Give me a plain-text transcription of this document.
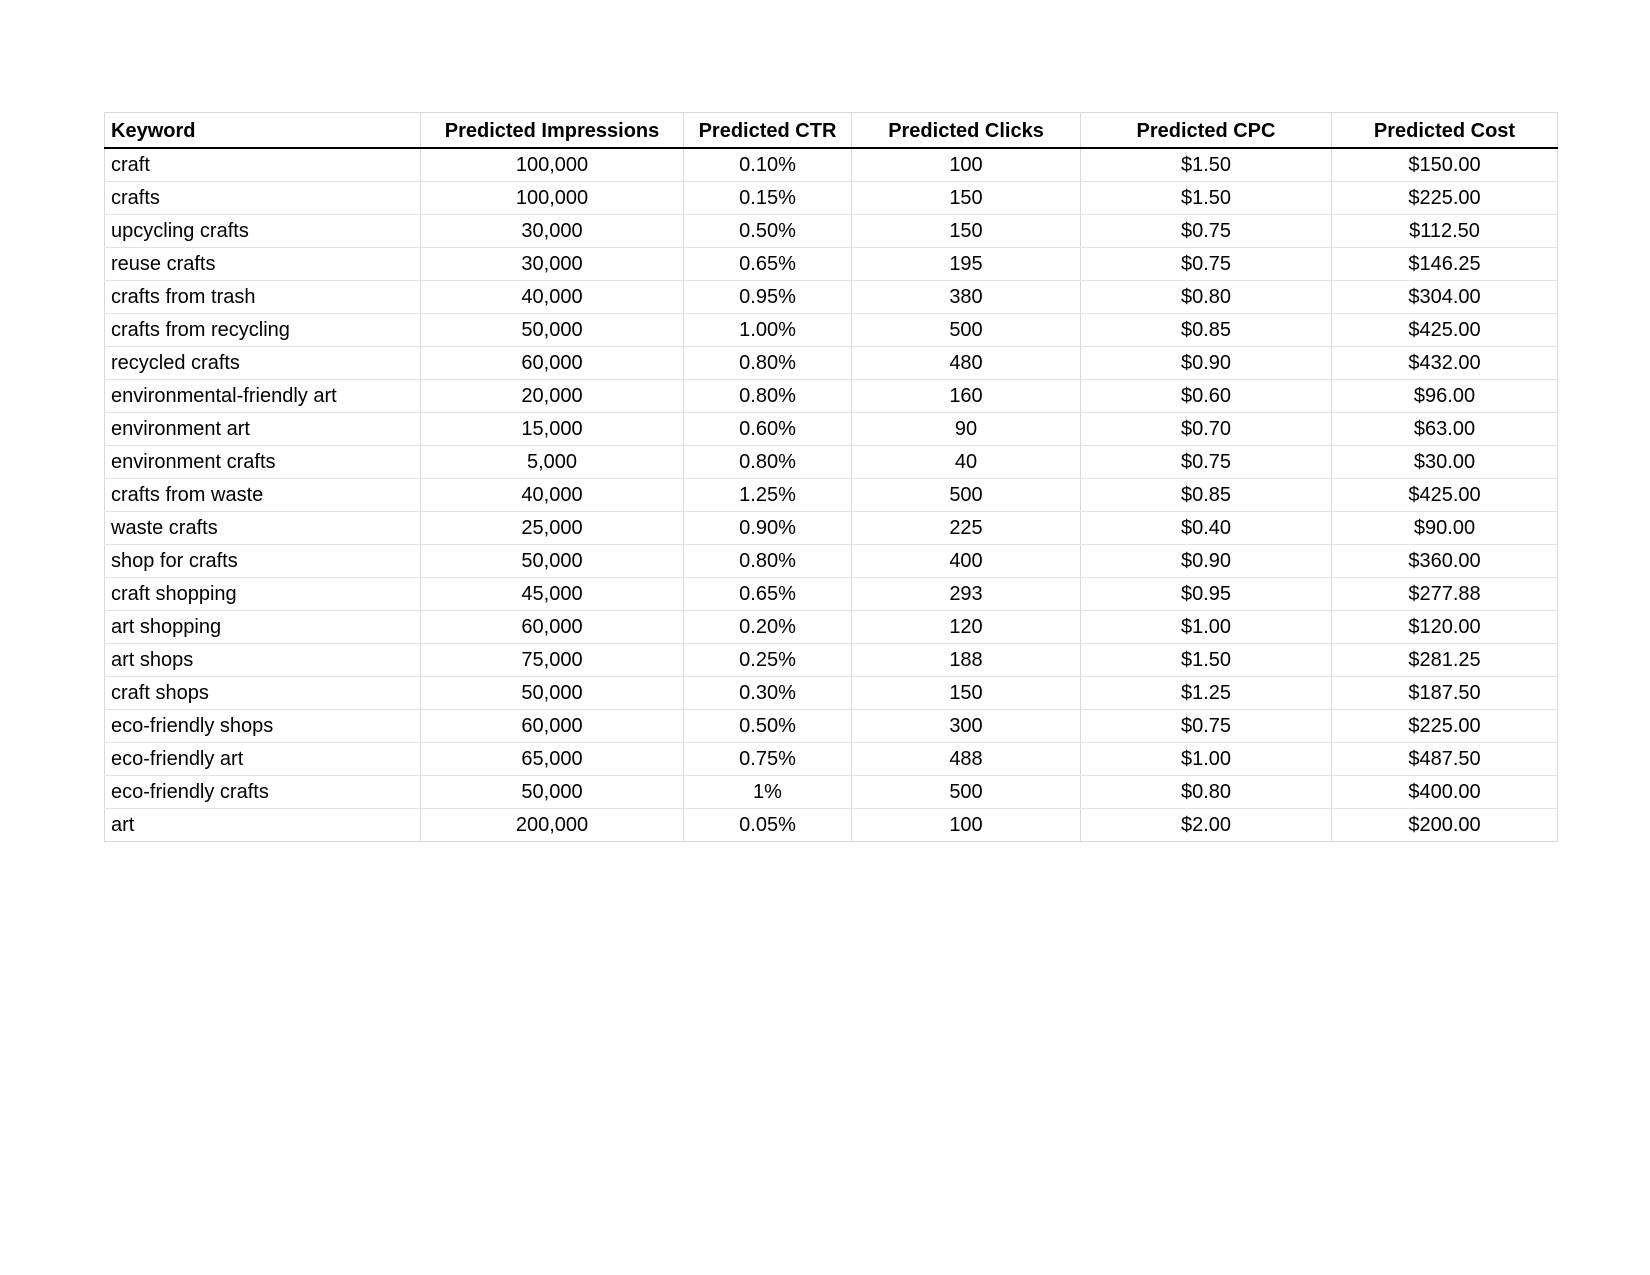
Keyword	Predicted Impressions	Predicted CTR	Predicted Clicks	Predicted CPC	Predicted Cost
craft	100,000	0.10%	100	$1.50	$150.00
crafts	100,000	0.15%	150	$1.50	$225.00
upcycling crafts	30,000	0.50%	150	$0.75	$112.50
reuse crafts	30,000	0.65%	195	$0.75	$146.25
crafts from trash	40,000	0.95%	380	$0.80	$304.00
crafts from recycling	50,000	1.00%	500	$0.85	$425.00
recycled crafts	60,000	0.80%	480	$0.90	$432.00
environmental-friendly art	20,000	0.80%	160	$0.60	$96.00
environment art	15,000	0.60%	90	$0.70	$63.00
environment crafts	5,000	0.80%	40	$0.75	$30.00
crafts from waste	40,000	1.25%	500	$0.85	$425.00
waste crafts	25,000	0.90%	225	$0.40	$90.00
shop for crafts	50,000	0.80%	400	$0.90	$360.00
craft shopping	45,000	0.65%	293	$0.95	$277.88
art shopping	60,000	0.20%	120	$1.00	$120.00
art shops	75,000	0.25%	188	$1.50	$281.25
craft shops	50,000	0.30%	150	$1.25	$187.50
eco-friendly shops	60,000	0.50%	300	$0.75	$225.00
eco-friendly art	65,000	0.75%	488	$1.00	$487.50
eco-friendly crafts	50,000	1%	500	$0.80	$400.00
art	200,000	0.05%	100	$2.00	$200.00
